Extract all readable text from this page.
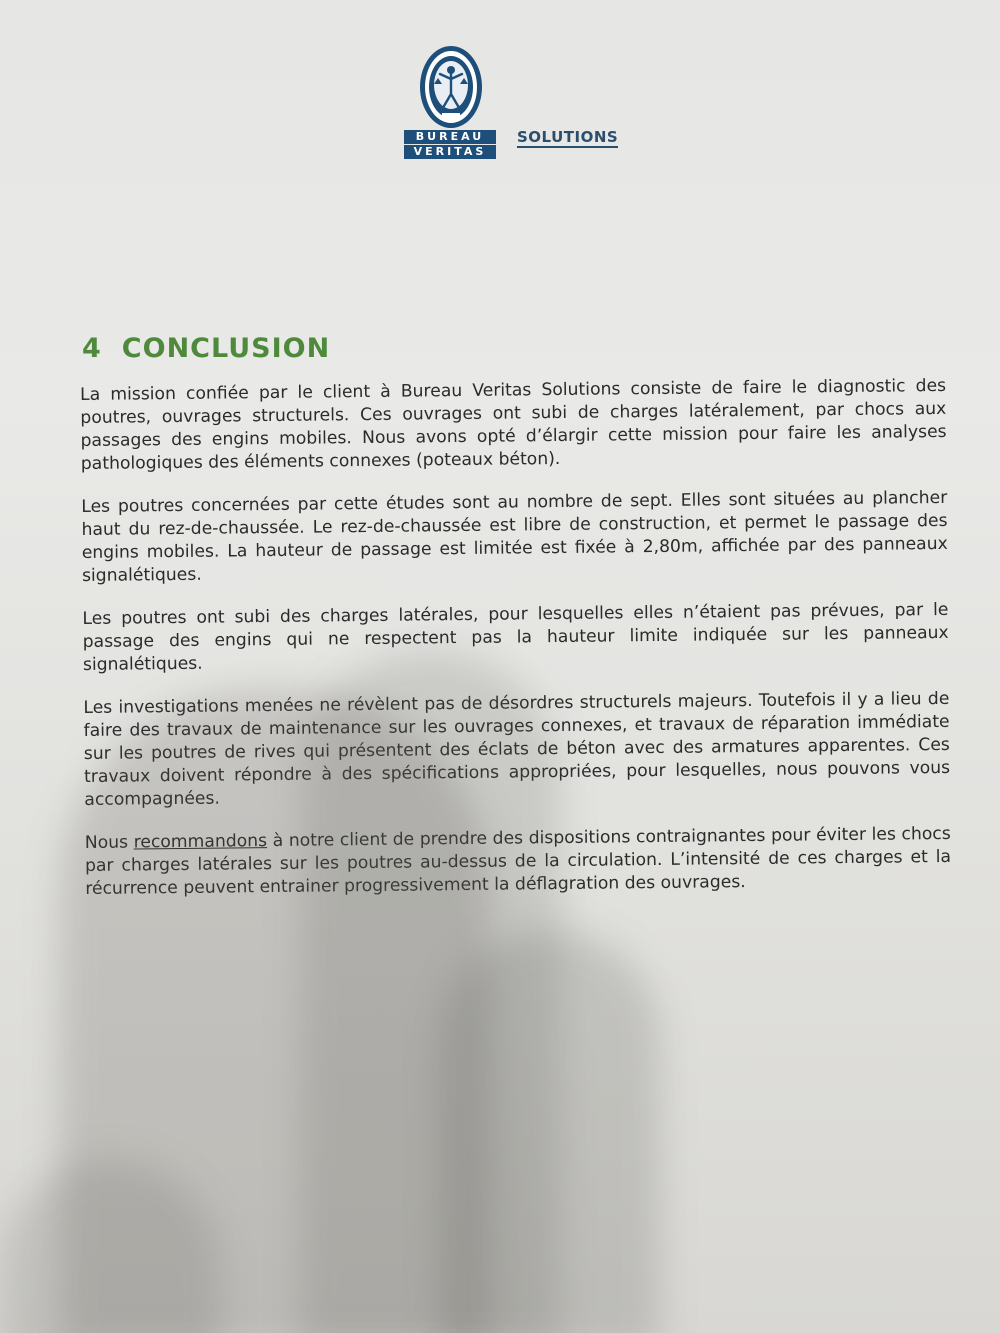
BUREAU
VERITAS
SOLUTIONS
4 CONCLUSION

La mission confiée par le client à Bureau Veritas Solutions consiste de faire le diagnostic des poutres, ouvrages structurels. Ces ouvrages ont subi de charges latéralement, par chocs aux passages des engins mobiles. Nous avons opté d’élargir cette mission pour faire les analyses pathologiques des éléments connexes (poteaux béton).

Les poutres concernées par cette études sont au nombre de sept. Elles sont situées au plancher haut du rez-de-chaussée. Le rez-de-chaussée est libre de construction, et permet le passage des engins mobiles. La hauteur de passage est limitée est fixée à 2,80m, affichée par des panneaux signalétiques.

Les poutres ont subi des charges latérales, pour lesquelles elles n’étaient pas prévues, par le passage des engins qui ne respectent pas la hauteur limite indiquée sur les panneaux signalétiques.

Les investigations menées ne révèlent pas de désordres structurels majeurs. Toutefois il y a lieu de faire des travaux de maintenance sur les ouvrages connexes, et travaux de réparation immédiate sur les poutres de rives qui présentent des éclats de béton avec des armatures apparentes. Ces travaux doivent répondre à des spécifications appropriées, pour lesquelles, nous pouvons vous accompagnées.

Nous recommandons à notre client de prendre des dispositions contraignantes pour éviter les chocs par charges latérales sur les poutres au-dessus de la circulation. L’intensité de ces charges et la récurrence peuvent entrainer progressivement la déflagration des ouvrages.
